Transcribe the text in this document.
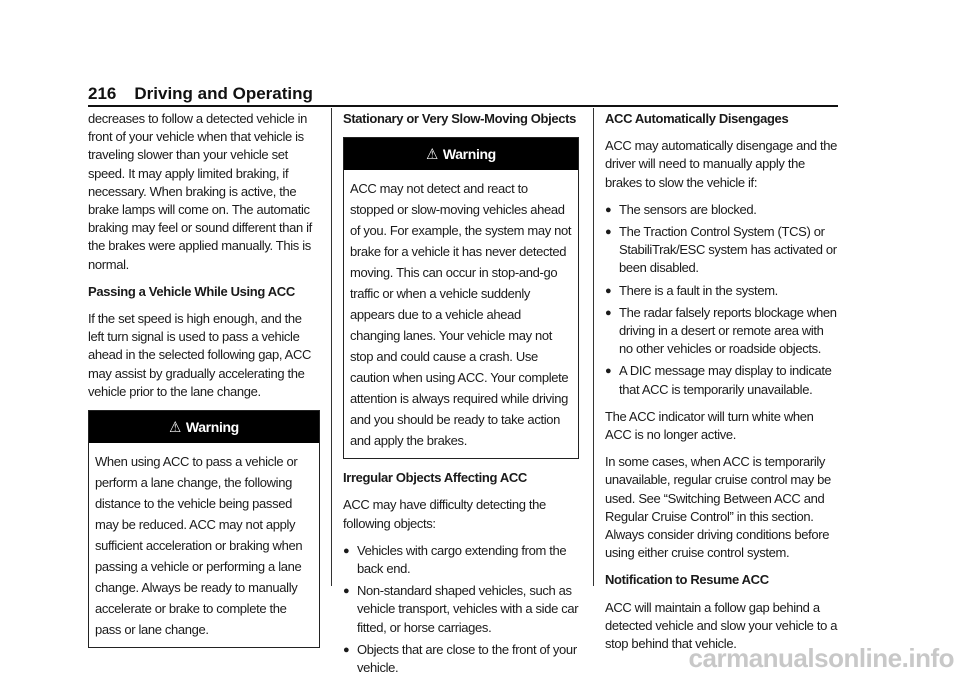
216 Driving and Operating

decreases to follow a detected vehicle in front of your vehicle when that vehicle is traveling slower than your vehicle set speed. It may apply limited braking, if necessary. When braking is active, the brake lamps will come on. The automatic braking may feel or sound different than if the brakes were applied manually. This is normal.

Passing a Vehicle While Using ACC

If the set speed is high enough, and the left turn signal is used to pass a vehicle ahead in the selected following gap, ACC may assist by gradually accelerating the vehicle prior to the lane change.

⚠ Warning
When using ACC to pass a vehicle or perform a lane change, the following distance to the vehicle being passed may be reduced. ACC may not apply sufficient acceleration or braking when passing a vehicle or performing a lane change. Always be ready to manually accelerate or brake to complete the pass or lane change.
Stationary or Very Slow-Moving Objects
⚠ Warning
ACC may not detect and react to stopped or slow-moving vehicles ahead of you. For example, the system may not brake for a vehicle it has never detected moving. This can occur in stop-and-go traffic or when a vehicle suddenly appears due to a vehicle ahead changing lanes. Your vehicle may not stop and could cause a crash. Use caution when using ACC. Your complete attention is always required while driving and you should be ready to take action and apply the brakes.
Irregular Objects Affecting ACC

ACC may have difficulty detecting the following objects:

● Vehicles with cargo extending from the back end.
● Non-standard shaped vehicles, such as vehicle transport, vehicles with a side car fitted, or horse carriages.
● Objects that are close to the front of your vehicle.
ACC Automatically Disengages

ACC may automatically disengage and the driver will need to manually apply the brakes to slow the vehicle if:

● The sensors are blocked.
● The Traction Control System (TCS) or StabiliTrak/ESC system has activated or been disabled.
● There is a fault in the system.
● The radar falsely reports blockage when driving in a desert or remote area with no other vehicles or roadside objects.
● A DIC message may display to indicate that ACC is temporarily unavailable.

The ACC indicator will turn white when ACC is no longer active.

In some cases, when ACC is temporarily unavailable, regular cruise control may be used. See “Switching Between ACC and Regular Cruise Control” in this section. Always consider driving conditions before using either cruise control system.

Notification to Resume ACC

ACC will maintain a follow gap behind a detected vehicle and slow your vehicle to a stop behind that vehicle.

carmanualsonline.info
